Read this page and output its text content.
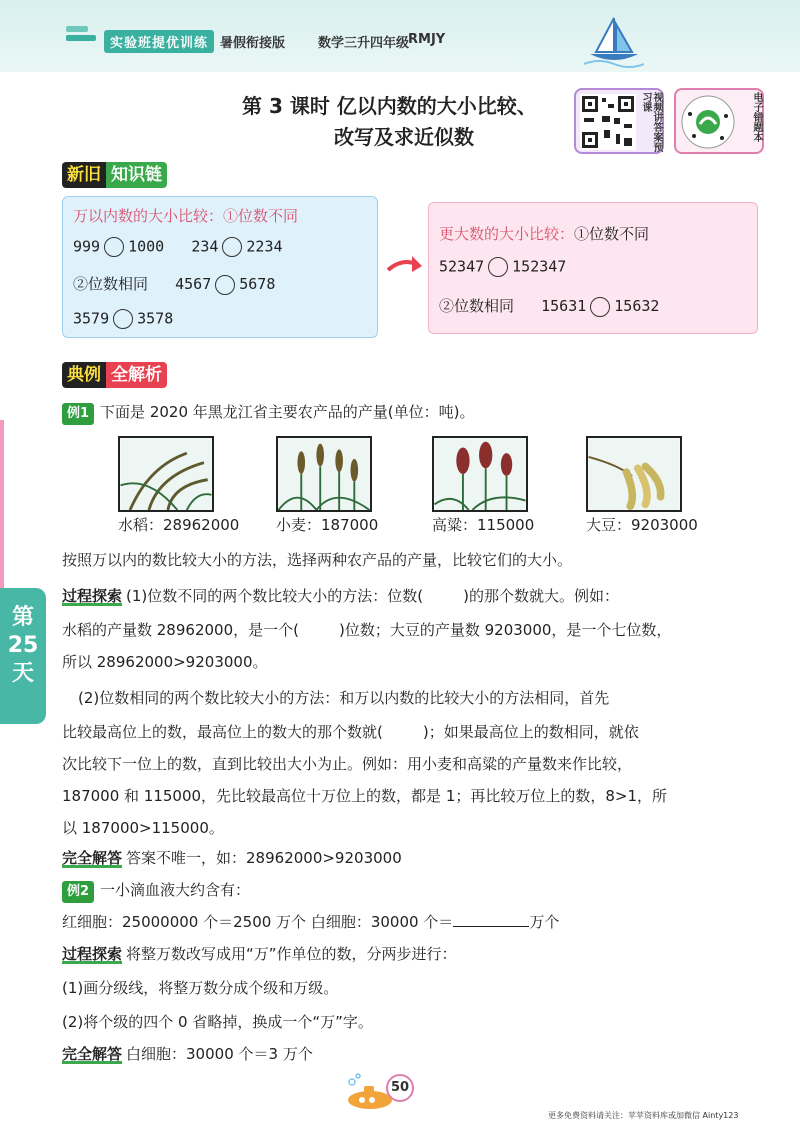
实验班提优训练 暑假衔接版	数学三升四年级
RMJY
第 3 课时 亿以内数的大小比较、
改写及求近似数	视频讲答案预习课	电子错题本
新旧 知识链
万以内数的大小比较：①位数不同
999 1000 234 2234
②位数相同 4567 5678
3579 3578
更大数的大小比较：①位数不同
52347 152347
②位数相同 15631 15632
典例 全解析
例1 下面是 2020 年黑龙江省主要农产品的产量(单位：吨)。
水稻：28962000 小麦：187000	高粱：115000	大豆：9203000
按照万以内的数比较大小的方法，选择两种农产品的产量，比较它们的大小。
过程探索 (1)位数不同的两个数比较大小的方法：位数(	)的那个数就大。例如：
水稻的产量数 28962000，是一个(	)位数；大豆的产量数 9203000，是一个七位数，
所以 28962000>9203000。
(2)位数相同的两个数比较大小的方法：和万以内数的比较大小的方法相同，首先
比较最高位上的数，最高位上的数大的那个数就(	)；如果最高位上的数相同，就依
次比较下一位上的数，直到比较出大小为止。例如：用小麦和高粱的产量数来作比较，
187000 和 115000，先比较最高位十万位上的数，都是 1；再比较万位上的数，8>1，所
以 187000>115000。
完全解答 答案不唯一，如：28962000>9203000
例2 一小滴血液大约含有：
红细胞：25000000 个＝2500 万个 白细胞：30000 个＝	万个
过程探索 将整万数改写成用“万”作单位的数，分两步进行：
(1)画分级线，将整万数分成个级和万级。
(2)将个级的四个 0 省略掉，换成一个“万”字。
完全解答 白细胞：30000 个＝3 万个
第
25
天
50
更多免费资料请关注：苹苹资料库或加微信 Ainty123
